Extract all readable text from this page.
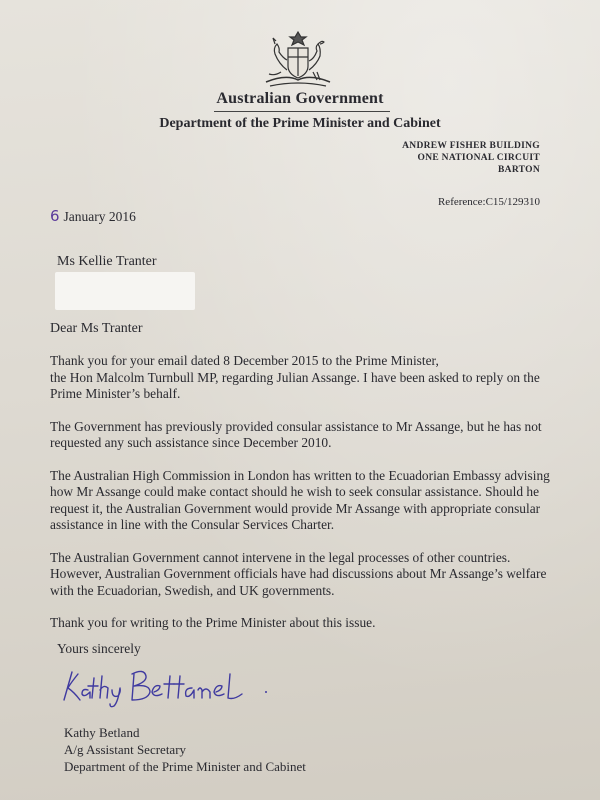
Australian Government
Department of the Prime Minister and Cabinet
ANDREW FISHER BUILDING
ONE NATIONAL CIRCUIT
BARTON
Reference:C15/129310
6 January 2016
Ms Kellie Tranter
Dear Ms Tranter

Thank you for your email dated 8 December 2015 to the Prime Minister,
the Hon Malcolm Turnbull MP, regarding Julian Assange. I have been asked to reply on the
Prime Minister’s behalf.

The Government has previously provided consular assistance to Mr Assange, but he has not
requested any such assistance since December 2010.

The Australian High Commission in London has written to the Ecuadorian Embassy advising
how Mr Assange could make contact should he wish to seek consular assistance. Should he
request it, the Australian Government would provide Mr Assange with appropriate consular
assistance in line with the Consular Services Charter.

The Australian Government cannot intervene in the legal processes of other countries.
However, Australian Government officials have had discussions about Mr Assange’s welfare
with the Ecuadorian, Swedish, and UK governments.

Thank you for writing to the Prime Minister about this issue.

Yours sincerely
Kathy Betland
A/g Assistant Secretary
Department of the Prime Minister and Cabinet
